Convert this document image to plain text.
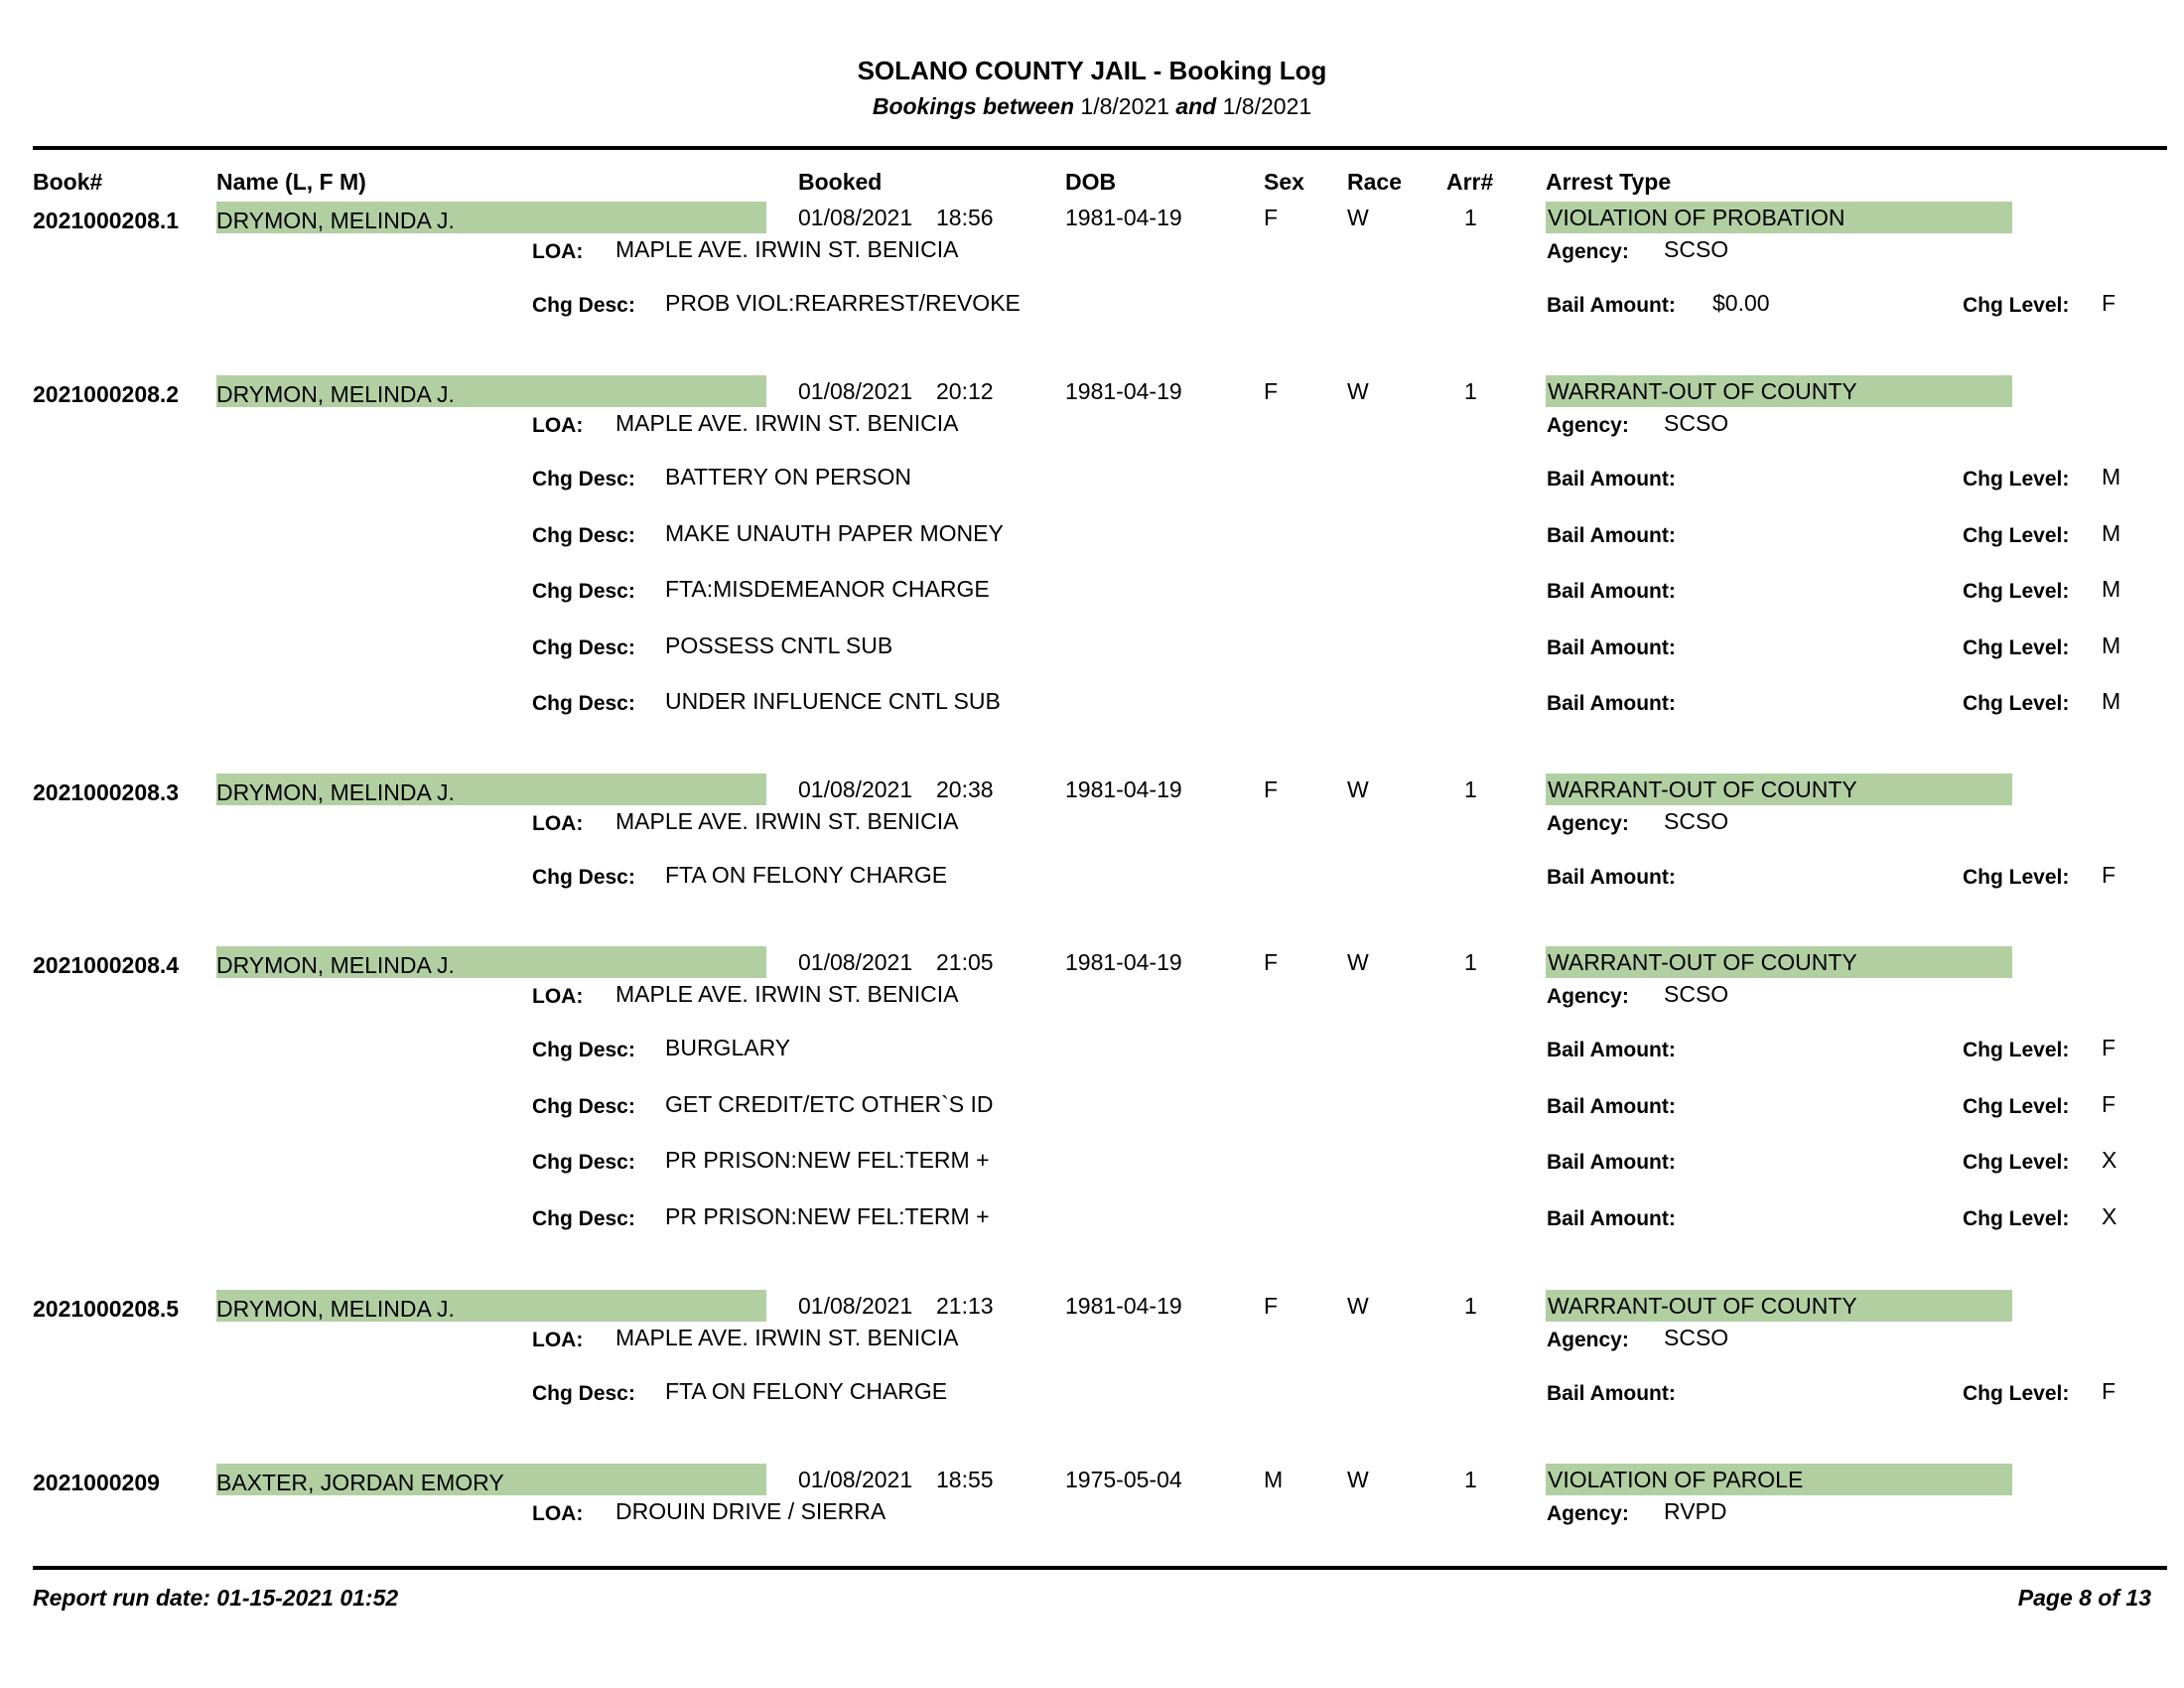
SOLANO COUNTY JAIL - Booking Log
Bookings between 1/8/2021 and 1/8/2021
Book#	Name (L, F M)	Booked	DOB	Sex Race Arr# Arrest Type
2021000208.1 DRYMON, MELINDA J.	01/08/2021 18:56	1981-04-19	F	W	1	VIOLATION OF PROBATION
LOA: MAPLE AVE. IRWIN ST. BENICIA	Agency: SCSO
Chg Desc: PROB VIOL:REARREST/REVOKE	Bail Amount: $0.00	Chg Level: F
2021000208.2 DRYMON, MELINDA J.	01/08/2021 20:12	1981-04-19	F	W	1	WARRANT-OUT OF COUNTY
LOA: MAPLE AVE. IRWIN ST. BENICIA	Agency: SCSO
Chg Desc: BATTERY ON PERSON	Bail Amount:	Chg Level: M
Chg Desc: MAKE UNAUTH PAPER MONEY	Bail Amount:	Chg Level: M
Chg Desc: FTA:MISDEMEANOR CHARGE	Bail Amount:	Chg Level: M
Chg Desc: POSSESS CNTL SUB	Bail Amount:	Chg Level: M
Chg Desc: UNDER INFLUENCE CNTL SUB	Bail Amount:	Chg Level: M
2021000208.3 DRYMON, MELINDA J.	01/08/2021 20:38	1981-04-19	F	W	1	WARRANT-OUT OF COUNTY
LOA: MAPLE AVE. IRWIN ST. BENICIA	Agency: SCSO
Chg Desc: FTA ON FELONY CHARGE	Bail Amount:	Chg Level: F
2021000208.4 DRYMON, MELINDA J.	01/08/2021 21:05	1981-04-19	F	W	1	WARRANT-OUT OF COUNTY
LOA: MAPLE AVE. IRWIN ST. BENICIA	Agency: SCSO
Chg Desc: BURGLARY	Bail Amount:	Chg Level: F
Chg Desc: GET CREDIT/ETC OTHER`S ID	Bail Amount:	Chg Level: F
Chg Desc: PR PRISON:NEW FEL:TERM +	Bail Amount:	Chg Level: X
Chg Desc: PR PRISON:NEW FEL:TERM +	Bail Amount:	Chg Level: X
2021000208.5 DRYMON, MELINDA J.	01/08/2021 21:13	1981-04-19	F	W	1	WARRANT-OUT OF COUNTY
LOA: MAPLE AVE. IRWIN ST. BENICIA	Agency: SCSO
Chg Desc: FTA ON FELONY CHARGE	Bail Amount:	Chg Level: F
2021000209 BAXTER, JORDAN EMORY	01/08/2021 18:55	1975-05-04	M	W	1	VIOLATION OF PAROLE
LOA: DROUIN DRIVE / SIERRA	Agency: RVPD
Report run date: 01-15-2021 01:52	Page 8 of 13
